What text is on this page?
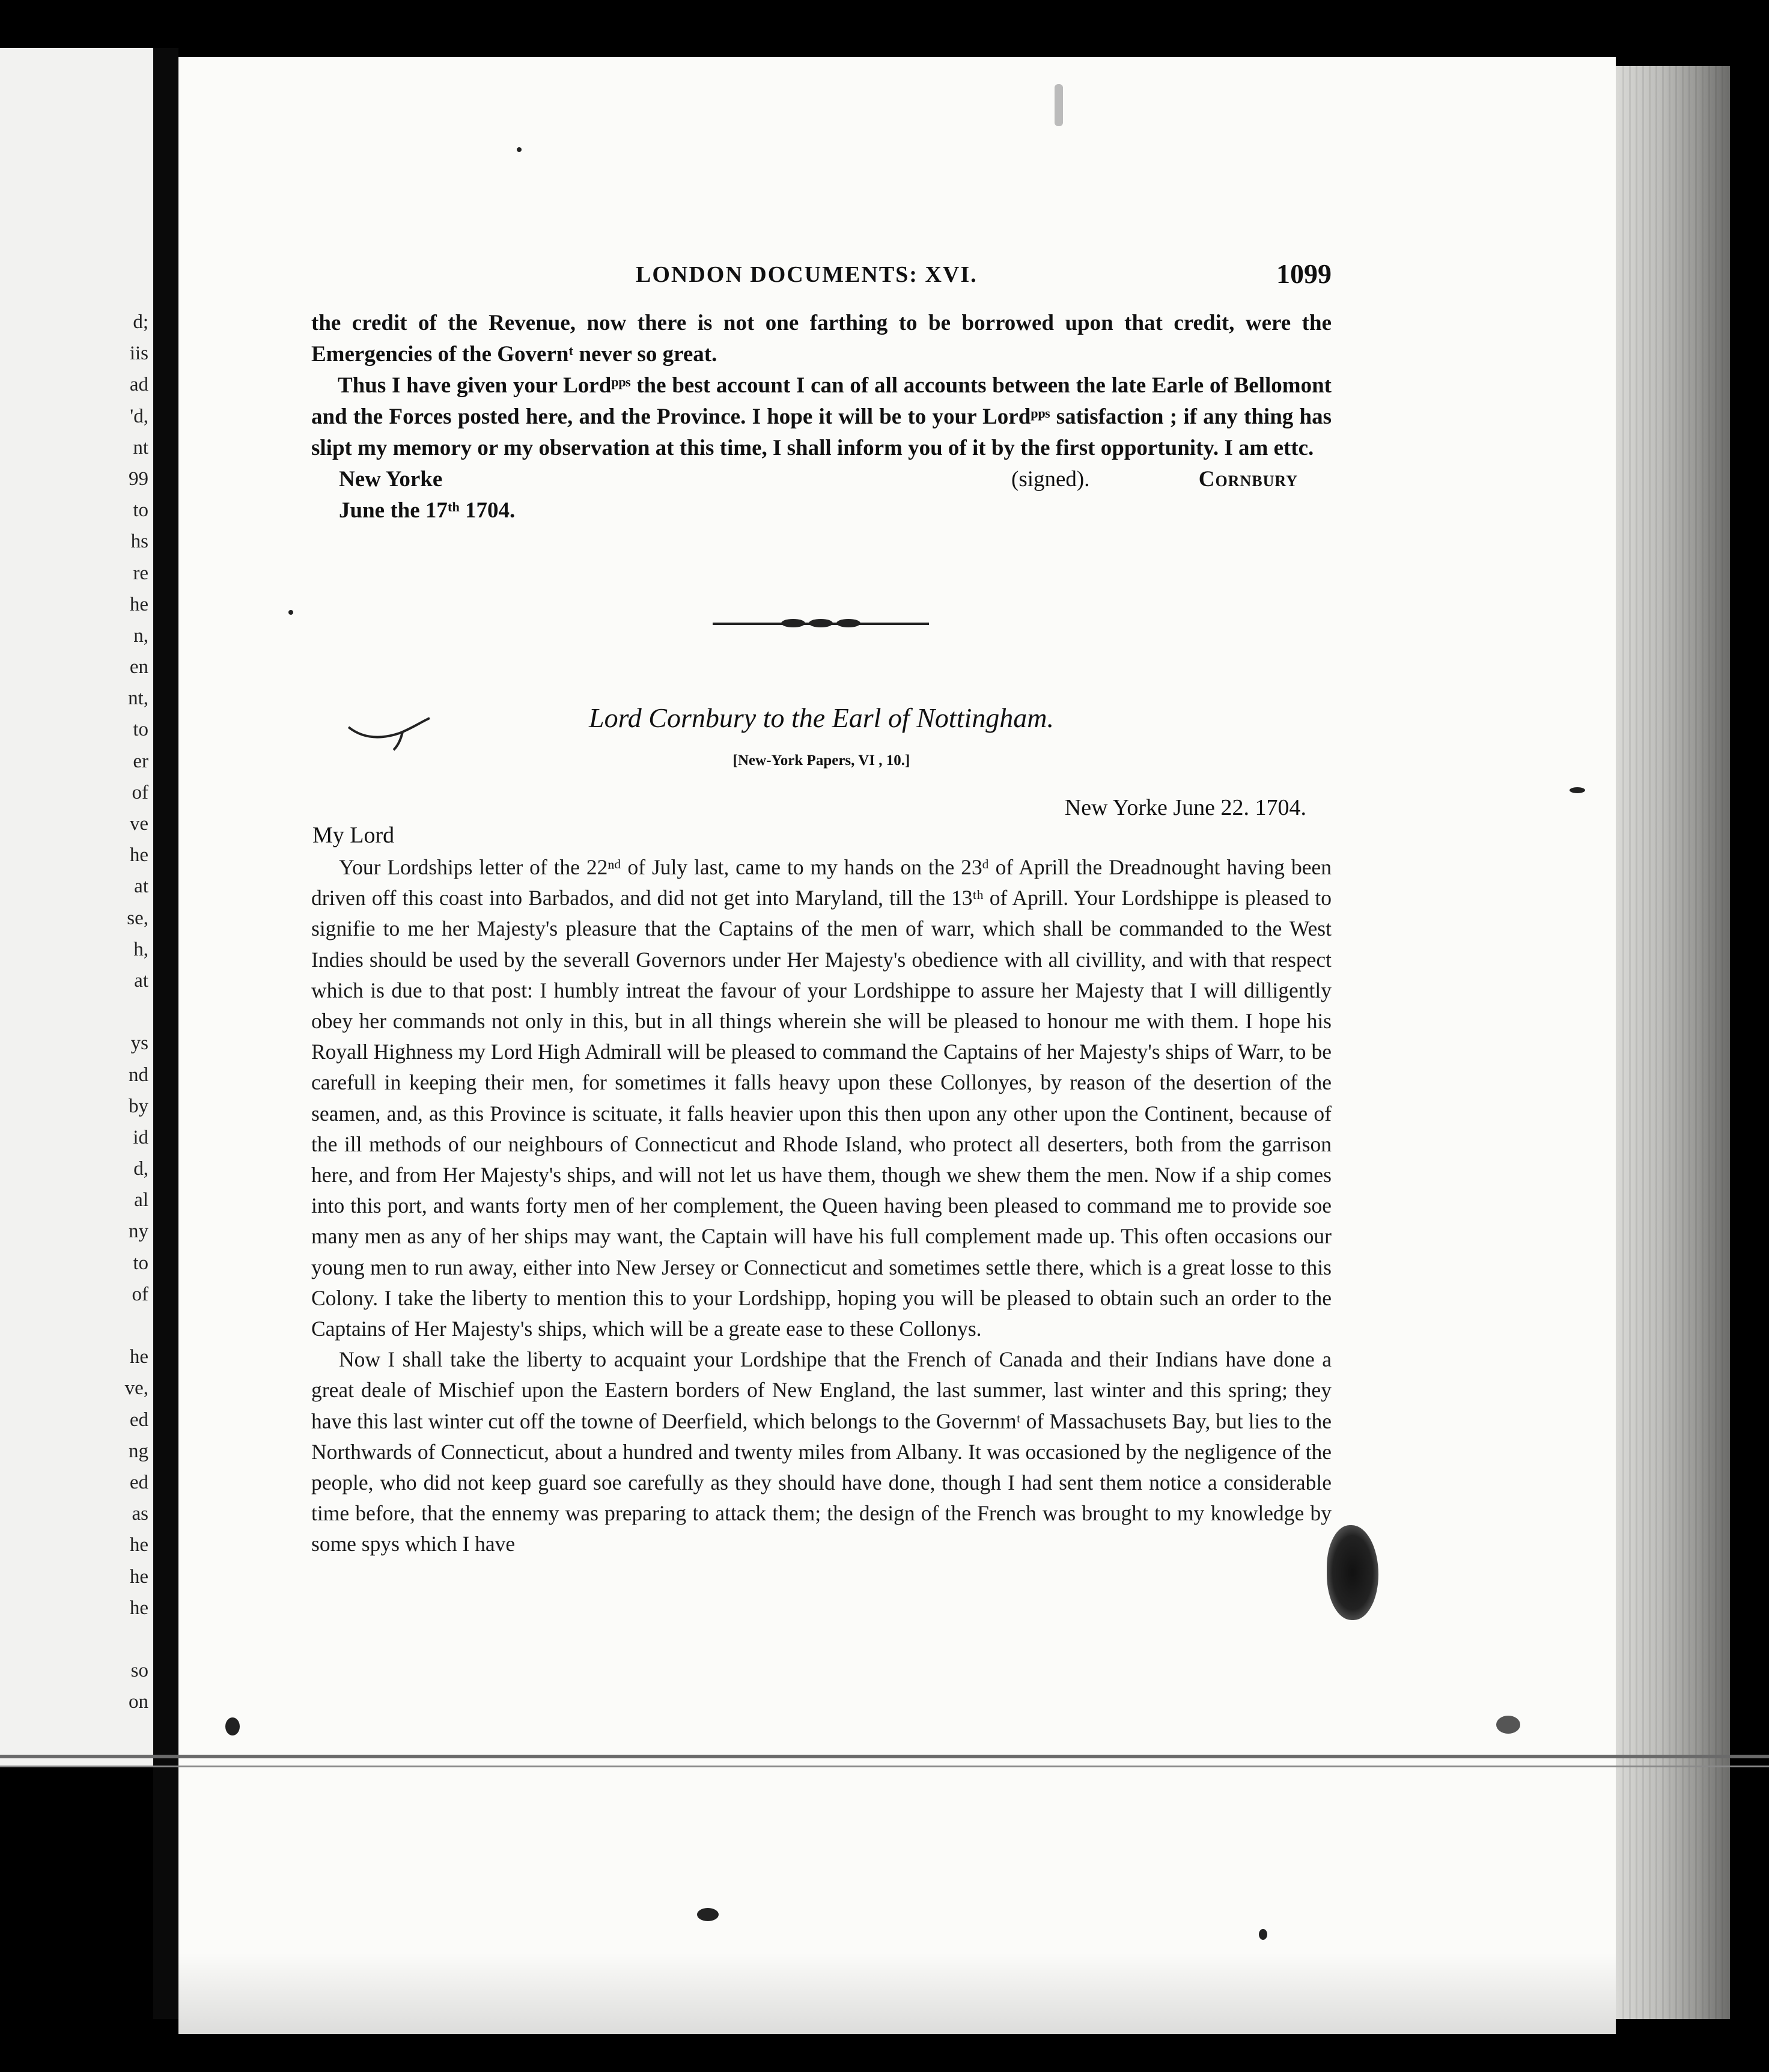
d;
iis
ad
'd,
nt
99
to
hs
re
he
n,
en
nt,
to
er
of
ve
he
at
se,
h,
at
ys
nd
by
id
d,
al
ny
to
of
he
ve,
ed
ng
ed
as
he
he
he
so
on
LONDON DOCUMENTS: XVI.	1099

the credit of the Revenue, now there is not one farthing to be borrowed upon that credit, were the Emergencies of the Governᵗ never so great.

Thus I have given your Lordᵖᵖˢ the best account I can of all accounts between the late Earle of Bellomont and the Forces posted here, and the Province. I hope it will be to your Lordᵖᵖˢ satisfaction ; if any thing has slipt my memory or my observation at this time, I shall inform you of it by the first opportunity. I am ettc.

New Yorke	(signed).	Cornbury
June the 17ᵗʰ 1704.
Lord Cornbury to the Earl of Nottingham.
[New-York Papers, VI , 10.]
New Yorke June 22. 1704.
My Lord

Your Lordships letter of the 22ⁿᵈ of July last, came to my hands on the 23ᵈ of Aprill the Dreadnought having been driven off this coast into Barbados, and did not get into Maryland, till the 13ᵗʰ of Aprill. Your Lordshippe is pleased to signifie to me her Majesty's pleasure that the Captains of the men of warr, which shall be commanded to the West Indies should be used by the severall Governors under Her Majesty's obedience with all civillity, and with that respect which is due to that post: I humbly intreat the favour of your Lordshippe to assure her Majesty that I will dilligently obey her commands not only in this, but in all things wherein she will be pleased to honour me with them. I hope his Royall Highness my Lord High Admirall will be pleased to command the Captains of her Majesty's ships of Warr, to be carefull in keeping their men, for sometimes it falls heavy upon these Collonyes, by reason of the desertion of the seamen, and, as this Province is scituate, it falls heavier upon this then upon any other upon the Continent, because of the ill methods of our neighbours of Connecticut and Rhode Island, who protect all deserters, both from the garrison here, and from Her Majesty's ships, and will not let us have them, though we shew them the men. Now if a ship comes into this port, and wants forty men of her complement, the Queen having been pleased to command me to provide soe many men as any of her ships may want, the Captain will have his full complement made up. This often occasions our young men to run away, either into New Jersey or Connecticut and sometimes settle there, which is a great losse to this Colony. I take the liberty to mention this to your Lordshipp, hoping you will be pleased to obtain such an order to the Captains of Her Majesty's ships, which will be a greate ease to these Collonys.

Now I shall take the liberty to acquaint your Lordshipe that the French of Canada and their Indians have done a great deale of Mischief upon the Eastern borders of New England, the last summer, last winter and this spring; they have this last winter cut off the towne of Deerfield, which belongs to the Governmᵗ of Massachusets Bay, but lies to the Northwards of Connecticut, about a hundred and twenty miles from Albany. It was occasioned by the negligence of the people, who did not keep guard soe carefully as they should have done, though I had sent them notice a considerable time before, that the ennemy was preparing to attack them; the design of the French was brought to my knowledge by some spys which I have
